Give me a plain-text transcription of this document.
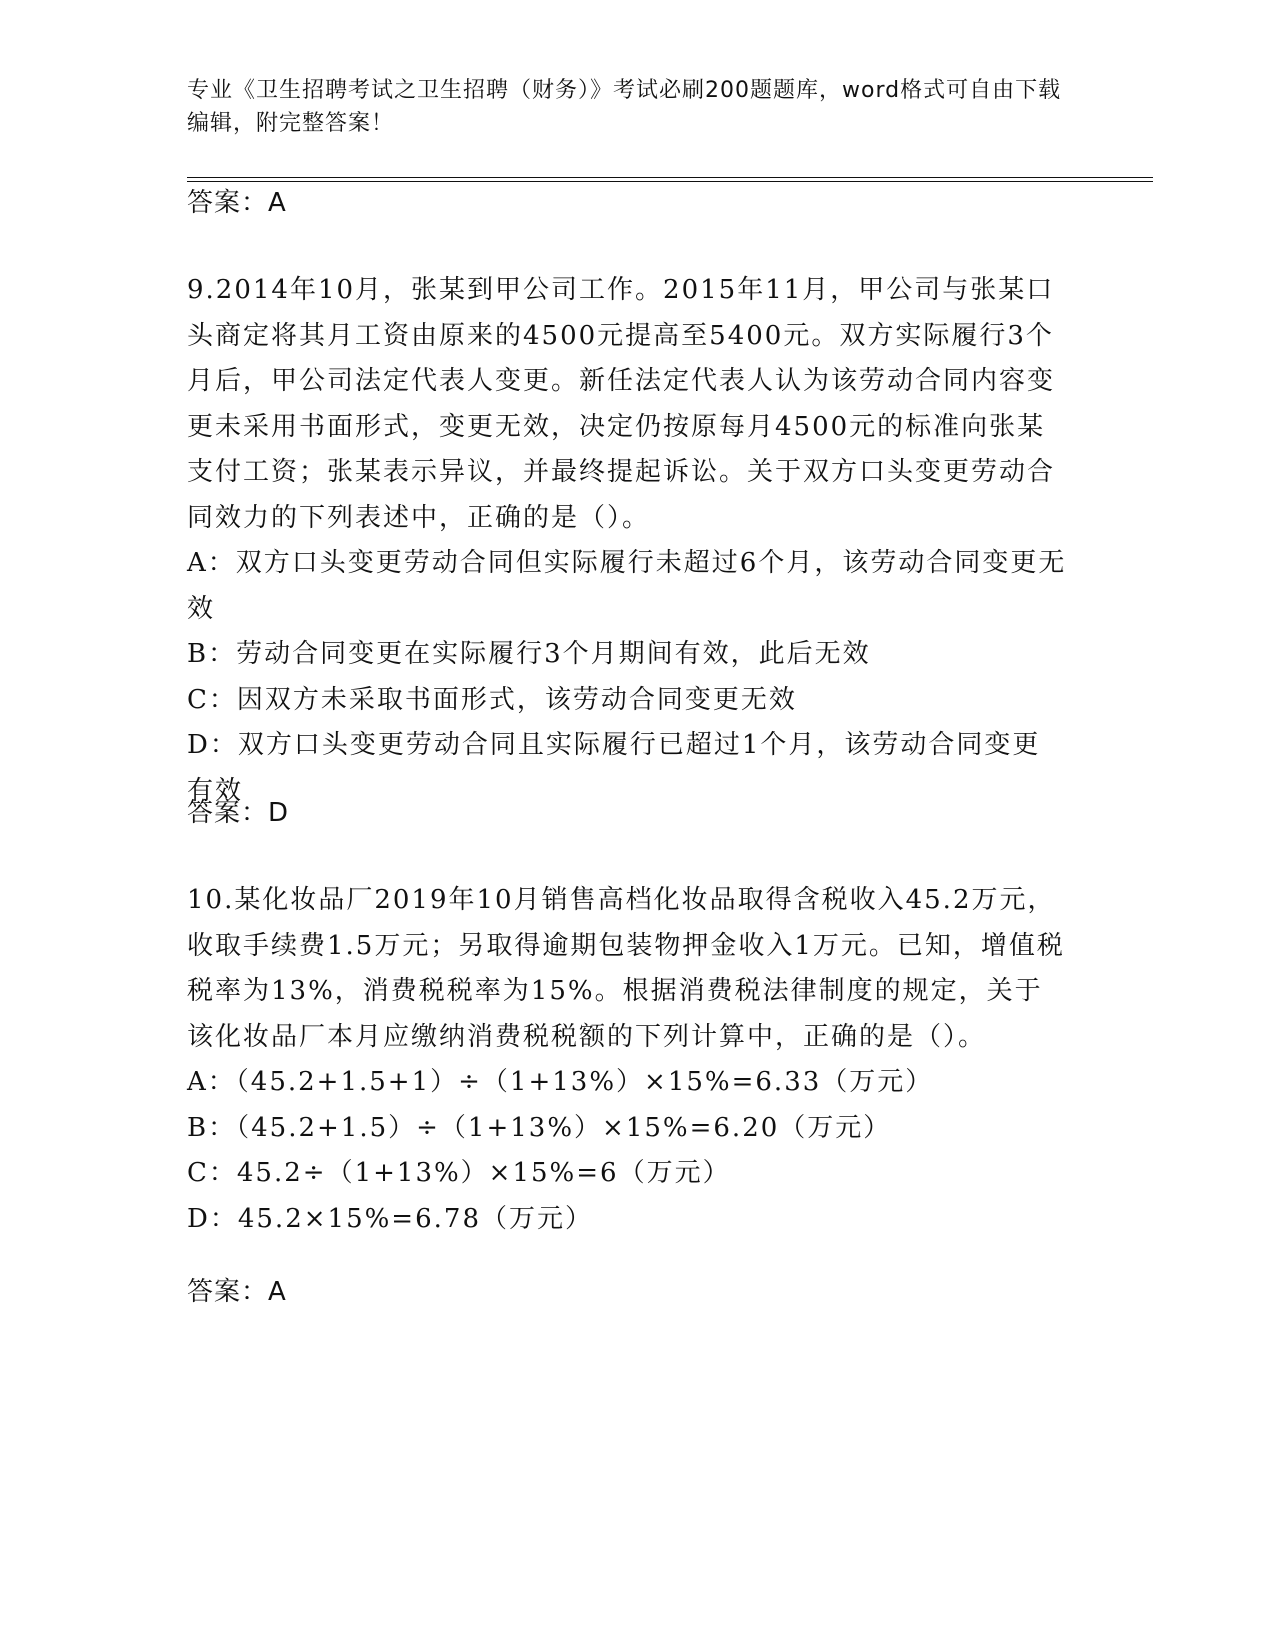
专业《卫生招聘考试之卫生招聘（财务）》考试必刷200题题库，word格式可自由下载编辑，附完整答案！
答案：A

9.2014年10月，张某到甲公司工作。2015年11月，甲公司与张某口头商定将其月工资由原来的4500元提高至5400元。双方实际履行3个月后，甲公司法定代表人变更。新任法定代表人认为该劳动合同内容变更未采用书面形式，变更无效，决定仍按原每月4500元的标准向张某支付工资；张某表示异议，并最终提起诉讼。关于双方口头变更劳动合同效力的下列表述中，正确的是（）。

A：双方口头变更劳动合同但实际履行未超过6个月，该劳动合同变更无效

B：劳动合同变更在实际履行3个月期间有效，此后无效

C：因双方未采取书面形式，该劳动合同变更无效

D：双方口头变更劳动合同且实际履行已超过1个月，该劳动合同变更有效

答案：D

10.某化妆品厂2019年10月销售高档化妆品取得含税收入45.2万元，收取手续费1.5万元；另取得逾期包装物押金收入1万元。已知，增值税税率为13%，消费税税率为15%。根据消费税法律制度的规定，关于该化妆品厂本月应缴纳消费税税额的下列计算中，正确的是（）。

A：（45.2+1.5+1）÷（1+13%）×15%=6.33（万元）

B：（45.2+1.5）÷（1+13%）×15%=6.20（万元）

C：45.2÷（1+13%）×15%=6（万元）

D：45.2×15%=6.78（万元）

答案：A
